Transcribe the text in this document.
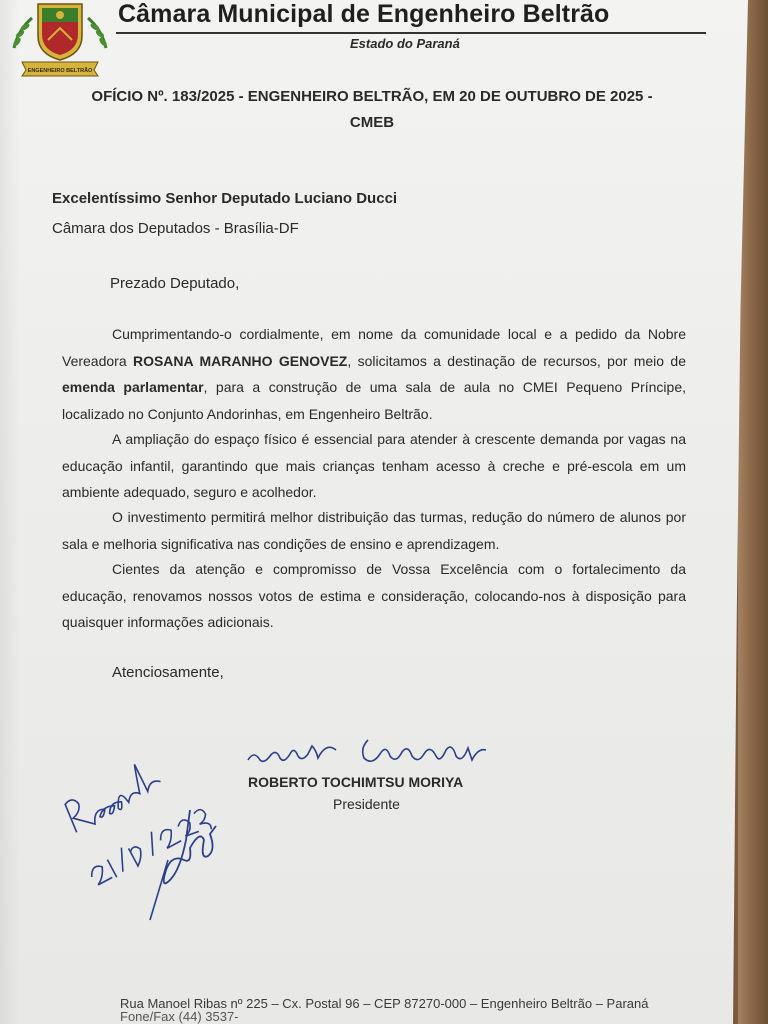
ENGENHEIRO BELTRÃO
Câmara Municipal de Engenheiro Beltrão
Estado do Paraná
OFÍCIO Nº. 183/2025 - ENGENHEIRO BELTRÃO, EM 20 DE OUTUBRO DE 2025 -
CMEB
Excelentíssimo Senhor Deputado Luciano Ducci
Câmara dos Deputados - Brasília-DF
Prezado Deputado,

Cumprimentando-o cordialmente, em nome da comunidade local e a pedido da Nobre Vereadora ROSANA MARANHO GENOVEZ, solicitamos a destinação de recursos, por meio de emenda parlamentar, para a construção de uma sala de aula no CMEI Pequeno Príncipe, localizado no Conjunto Andorinhas, em Engenheiro Beltrão.

A ampliação do espaço físico é essencial para atender à crescente demanda por vagas na educação infantil, garantindo que mais crianças tenham acesso à creche e pré-escola em um ambiente adequado, seguro e acolhedor.

O investimento permitirá melhor distribuição das turmas, redução do número de alunos por sala e melhoria significativa nas condições de ensino e aprendizagem.

Cientes da atenção e compromisso de Vossa Excelência com o fortalecimento da educação, renovamos nossos votos de estima e consideração, colocando-nos à disposição para quaisquer informações adicionais.

Atenciosamente,
ROBERTO TOCHIMTSU MORIYA
Presidente
Rua Manoel Ribas nº 225 – Cx. Postal 96 – CEP 87270-000 – Engenheiro Beltrão – Paraná
Fone/Fax (44) 3537-
